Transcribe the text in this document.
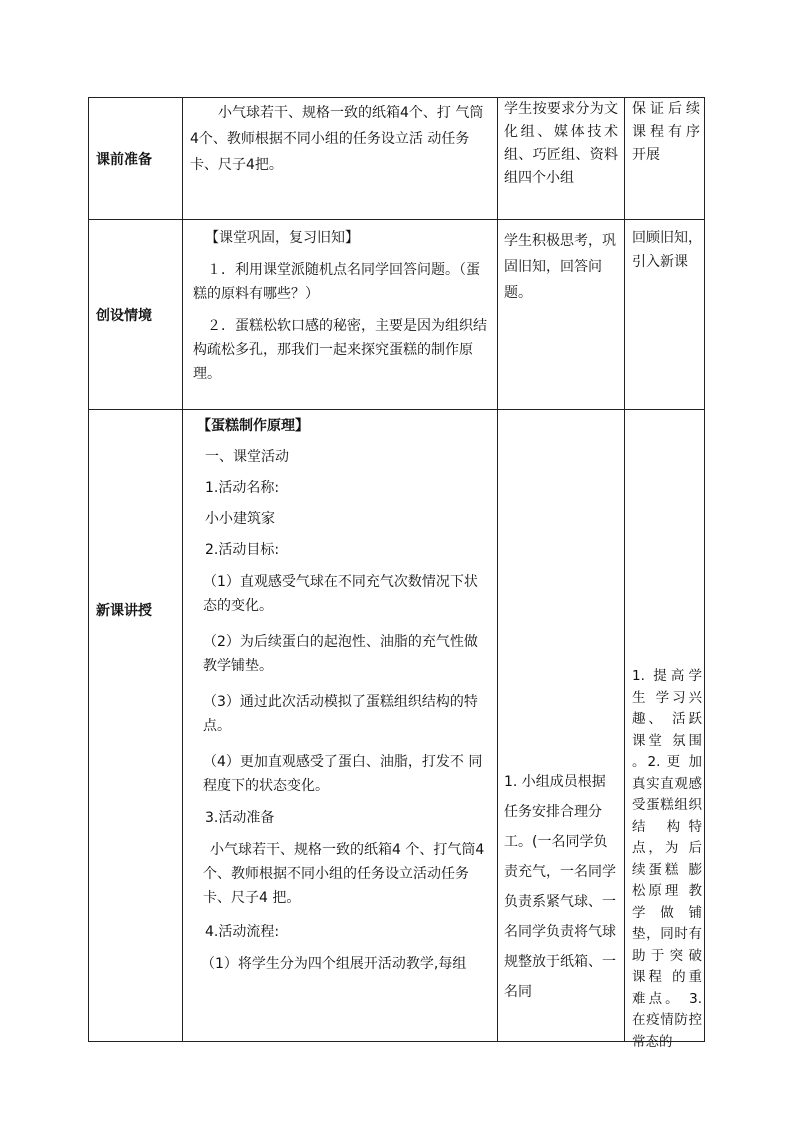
课前准备

小气球若干、规格一致的纸箱4个、打 气筒4个、教师根据不同小组的任务设立活 动任务卡、尺子4把。

学生按要求分为文化组、媒体技术组、巧匠组、资料组四个小组
保证后续课程有序开展
创设情境

【课堂巩固，复习旧知】

１．利用课堂派随机点名同学回答问题。（蛋糕的原料有哪些？）

２．蛋糕松软口感的秘密，主要是因为组织结构疏松多孔，那我们一起来探究蛋糕的制作原理。

学生积极思考，巩固旧知，回答问题。
回顾旧知，引入新课
新课讲授

【蛋糕制作原理】

一、课堂活动

1.活动名称:

小小建筑家

2.活动目标:

（1）直观感受气球在不同充气次数情况下状态的变化。

（2）为后续蛋白的起泡性、油脂的充气性做教学铺垫。

（3）通过此次活动模拟了蛋糕组织结构的特点。

（4）更加直观感受了蛋白、油脂，打发不 同程度下的状态变化。

3.活动准备

小气球若干、规格一致的纸箱4 个、打气筒4 个、教师根据不同小组的任务设立活动任务卡、尺子4 把。

4.活动流程:

（1）将学生分为四个组展开活动教学,每组

1. 小组成员根据任务安排合理分工。(一名同学负 责充气，一名同学负责系紧气球、一名同学负责将气球规整放于纸箱、一名同
1. 提高学生 学习兴趣、 活跃课堂 氛围 。2. 更 加真实直观感受蛋糕组织结 构特点，为 后续蛋糕 膨松原理 教学做铺 垫，同时有 助于突破 课程 的重 难点。 3. 在疫情防控常态的
